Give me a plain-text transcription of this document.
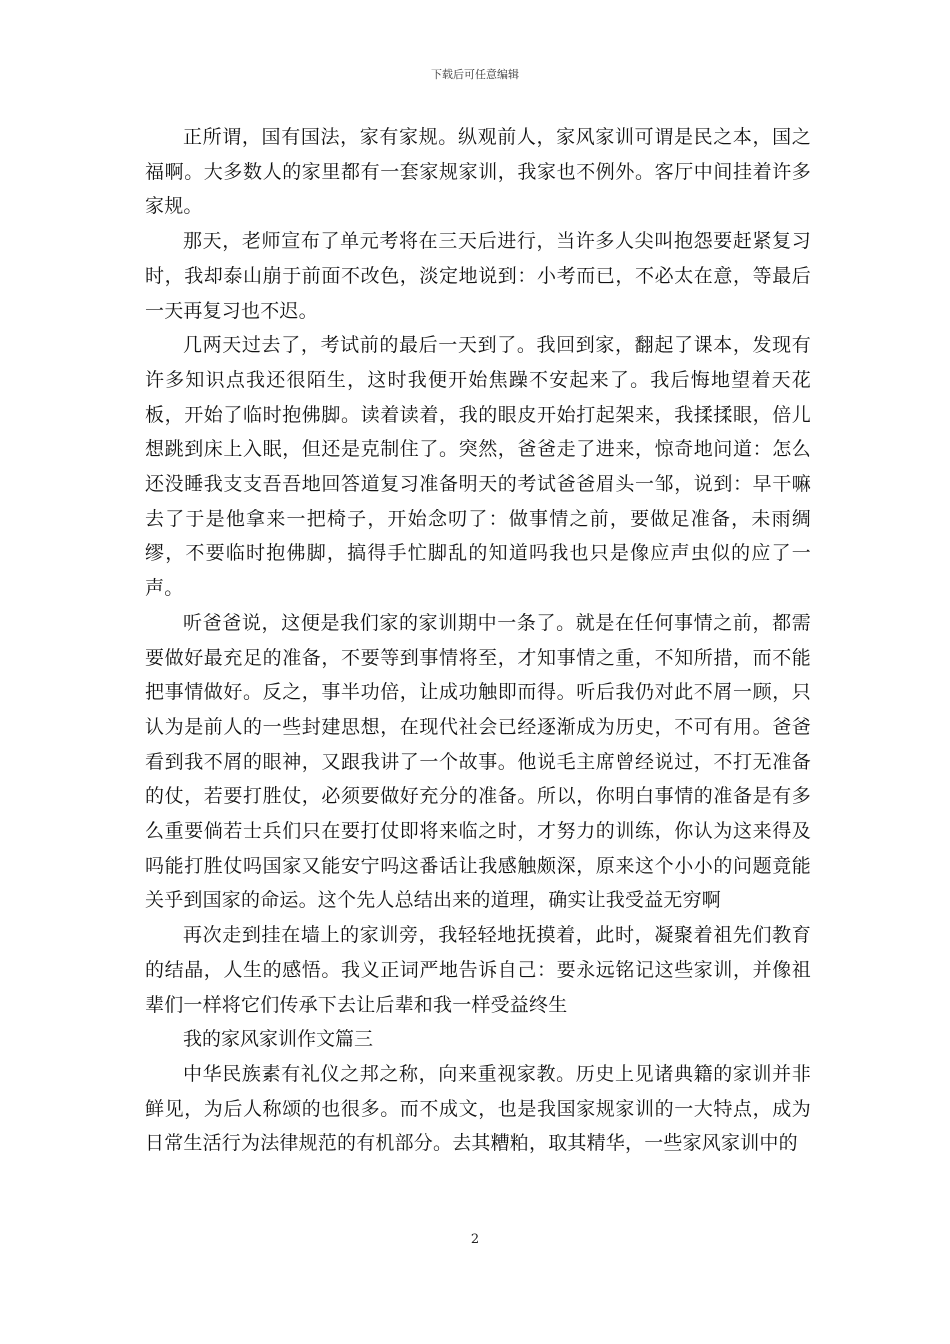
下载后可任意编辑

正所谓，国有国法，家有家规。纵观前人，家风家训可谓是民之本，国之福啊。大多数人的家里都有一套家规家训，我家也不例外。客厅中间挂着许多家规。

那天，老师宣布了单元考将在三天后进行，当许多人尖叫抱怨要赶紧复习时，我却泰山崩于前面不改色，淡定地说到：小考而已，不必太在意，等最后一天再复习也不迟。

几两天过去了，考试前的最后一天到了。我回到家，翻起了课本，发现有许多知识点我还很陌生，这时我便开始焦躁不安起来了。我后悔地望着天花板，开始了临时抱佛脚。读着读着，我的眼皮开始打起架来，我揉揉眼，倍儿想跳到床上入眠，但还是克制住了。突然，爸爸走了进来，惊奇地问道：怎么还没睡我支支吾吾地回答道复习准备明天的考试爸爸眉头一邹，说到：早干嘛去了于是他拿来一把椅子，开始念叨了：做事情之前，要做足准备，未雨绸缪，不要临时抱佛脚，搞得手忙脚乱的知道吗我也只是像应声虫似的应了一声。

听爸爸说，这便是我们家的家训期中一条了。就是在任何事情之前，都需要做好最充足的准备，不要等到事情将至，才知事情之重，不知所措，而不能把事情做好。反之，事半功倍，让成功触即而得。听后我仍对此不屑一顾，只认为是前人的一些封建思想，在现代社会已经逐渐成为历史，不可有用。爸爸看到我不屑的眼神，又跟我讲了一个故事。他说毛主席曾经说过，不打无准备的仗，若要打胜仗，必须要做好充分的准备。所以，你明白事情的准备是有多么重要倘若士兵们只在要打仗即将来临之时，才努力的训练，你认为这来得及吗能打胜仗吗国家又能安宁吗这番话让我感触颇深，原来这个小小的问题竟能关乎到国家的命运。这个先人总结出来的道理，确实让我受益无穷啊

再次走到挂在墙上的家训旁，我轻轻地抚摸着，此时，凝聚着祖先们教育的结晶，人生的感悟。我义正词严地告诉自己：要永远铭记这些家训，并像祖辈们一样将它们传承下去让后辈和我一样受益终生

我的家风家训作文篇三

中华民族素有礼仪之邦之称，向来重视家教。历史上见诸典籍的家训并非鲜见，为后人称颂的也很多。而不成文，也是我国家规家训的一大特点，成为日常生活行为法律规范的有机部分。去其糟粕，取其精华，一些家风家训中的

2
